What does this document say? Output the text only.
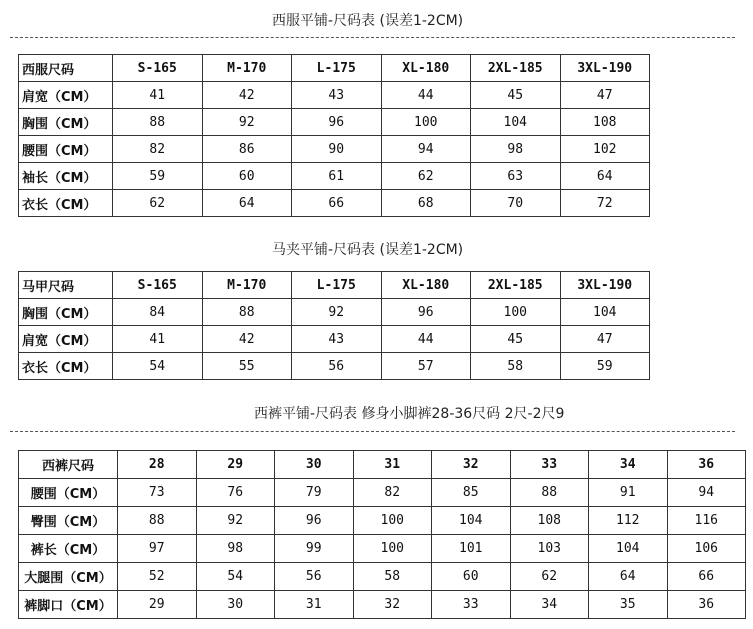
西服平铺-尺码表 (误差1-2CM)
西服尺码	S-165	M-170	L-175	XL-180	2XL-185	3XL-190
肩宽（CM）	41	42	43	44	45	47
胸围（CM）	88	92	96	100	104	108
腰围（CM）	82	86	90	94	98	102
袖长（CM）	59	60	61	62	63	64
衣长（CM）	62	64	66	68	70	72
马夹平铺-尺码表 (误差1-2CM)
马甲尺码	S-165	M-170	L-175	XL-180	2XL-185	3XL-190
胸围（CM）	84	88	92	96	100	104
肩宽（CM）	41	42	43	44	45	47
衣长（CM）	54	55	56	57	58	59
西裤平铺-尺码表 修身小脚裤28-36尺码 2尺-2尺9
西裤尺码	28	29	30	31	32	33	34	36
腰围（CM）	73	76	79	82	85	88	91	94
臀围（CM）	88	92	96	100	104	108	112	116
裤长（CM）	97	98	99	100	101	103	104	106
大腿围（CM）	52	54	56	58	60	62	64	66
裤脚口（CM）	29	30	31	32	33	34	35	36
